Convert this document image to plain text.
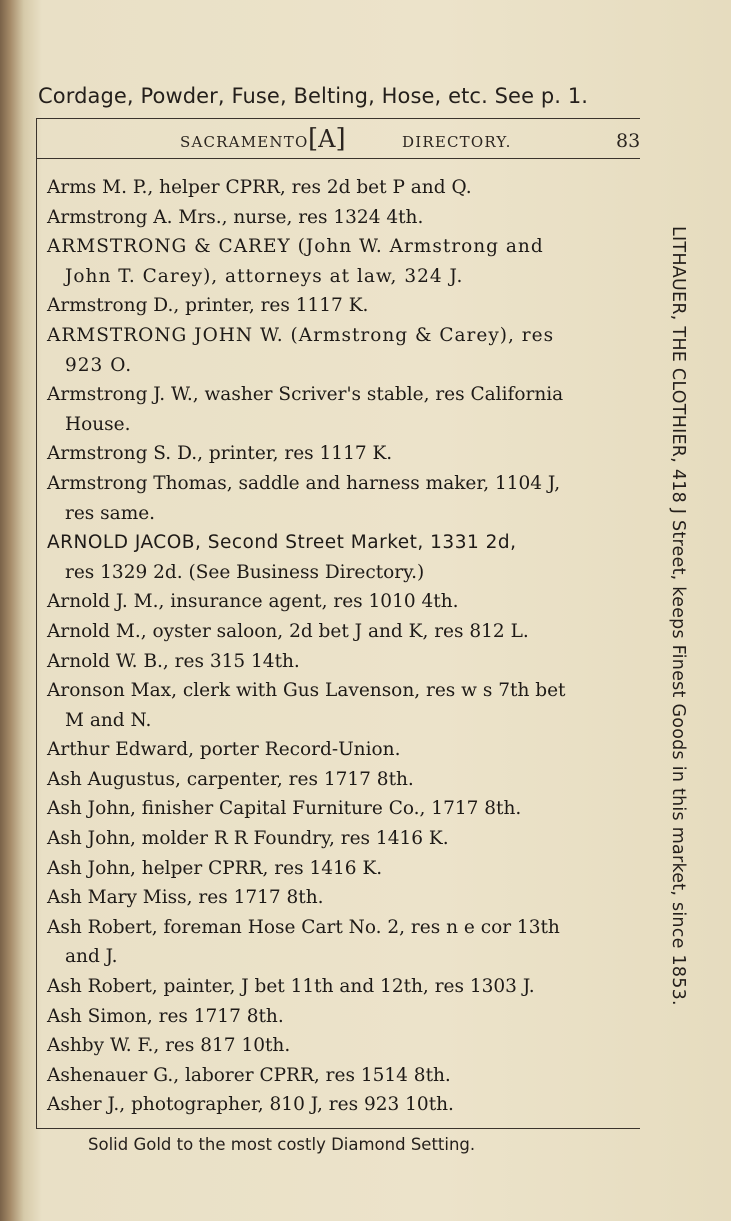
Cordage, Powder, Fuse, Belting, Hose, etc. See p. 1.
SACRAMENTO [A]	DIRECTORY.	83
Arms M. P., helper CPRR, res 2d bet P and Q.
Armstrong A. Mrs., nurse, res 1324 4th.
ARMSTRONG & CAREY (John W. Armstrong and
John T. Carey), attorneys at law, 324 J.
Armstrong D., printer, res 1117 K.
ARMSTRONG JOHN W. (Armstrong & Carey), res
923 O.
Armstrong J. W., washer Scriver's stable, res California
House.
Armstrong S. D., printer, res 1117 K.
Armstrong Thomas, saddle and harness maker, 1104 J,
res same.
ARNOLD JACOB, Second Street Market, 1331 2d,
res 1329 2d. (See Business Directory.)
Arnold J. M., insurance agent, res 1010 4th.
Arnold M., oyster saloon, 2d bet J and K, res 812 L.
Arnold W. B., res 315 14th.
Aronson Max, clerk with Gus Lavenson, res w s 7th bet
M and N.
Arthur Edward, porter Record-Union.
Ash Augustus, carpenter, res 1717 8th.
Ash John, finisher Capital Furniture Co., 1717 8th.
Ash John, molder R R Foundry, res 1416 K.
Ash John, helper CPRR, res 1416 K.
Ash Mary Miss, res 1717 8th.
Ash Robert, foreman Hose Cart No. 2, res n e cor 13th
and J.
Ash Robert, painter, J bet 11th and 12th, res 1303 J.
Ash Simon, res 1717 8th.
Ashby W. F., res 817 10th.
Ashenauer G., laborer CPRR, res 1514 8th.
Asher J., photographer, 810 J, res 923 10th.
LITHAUER, THE CLOTHIER, 418 J Street, keeps Finest Goods in this market, since 1853.
Solid Gold to the most costly Diamond Setting.
